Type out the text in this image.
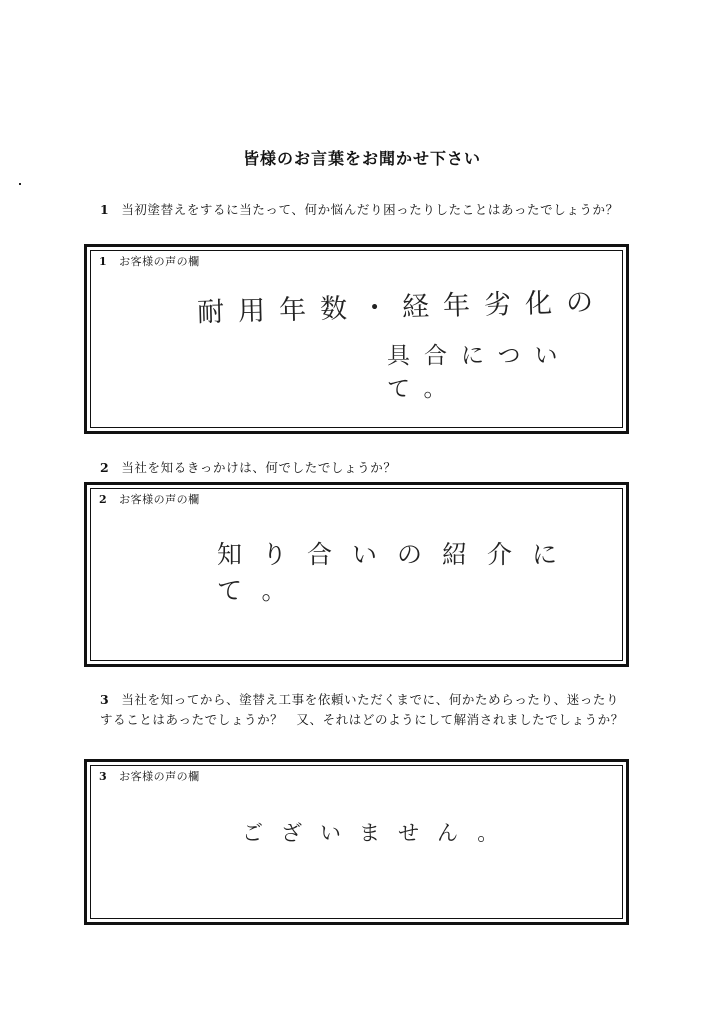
皆様のお言葉をお聞かせ下さい
1 当初塗替えをするに当たって、何か悩んだり困ったりしたことはあったでしょうか？
1 お客様の声の欄
耐用年数・経年劣化の
具合について。
2 当社を知るきっかけは、何でしたでしょうか？
2 お客様の声の欄
知り合いの紹介にて。
3 当社を知ってから、塗替え工事を依頼いただくまでに、何かためらったり、迷ったりすることはあったでしょうか？　又、それはどのようにして解消されましたでしょうか？
3 お客様の声の欄
ございません。
